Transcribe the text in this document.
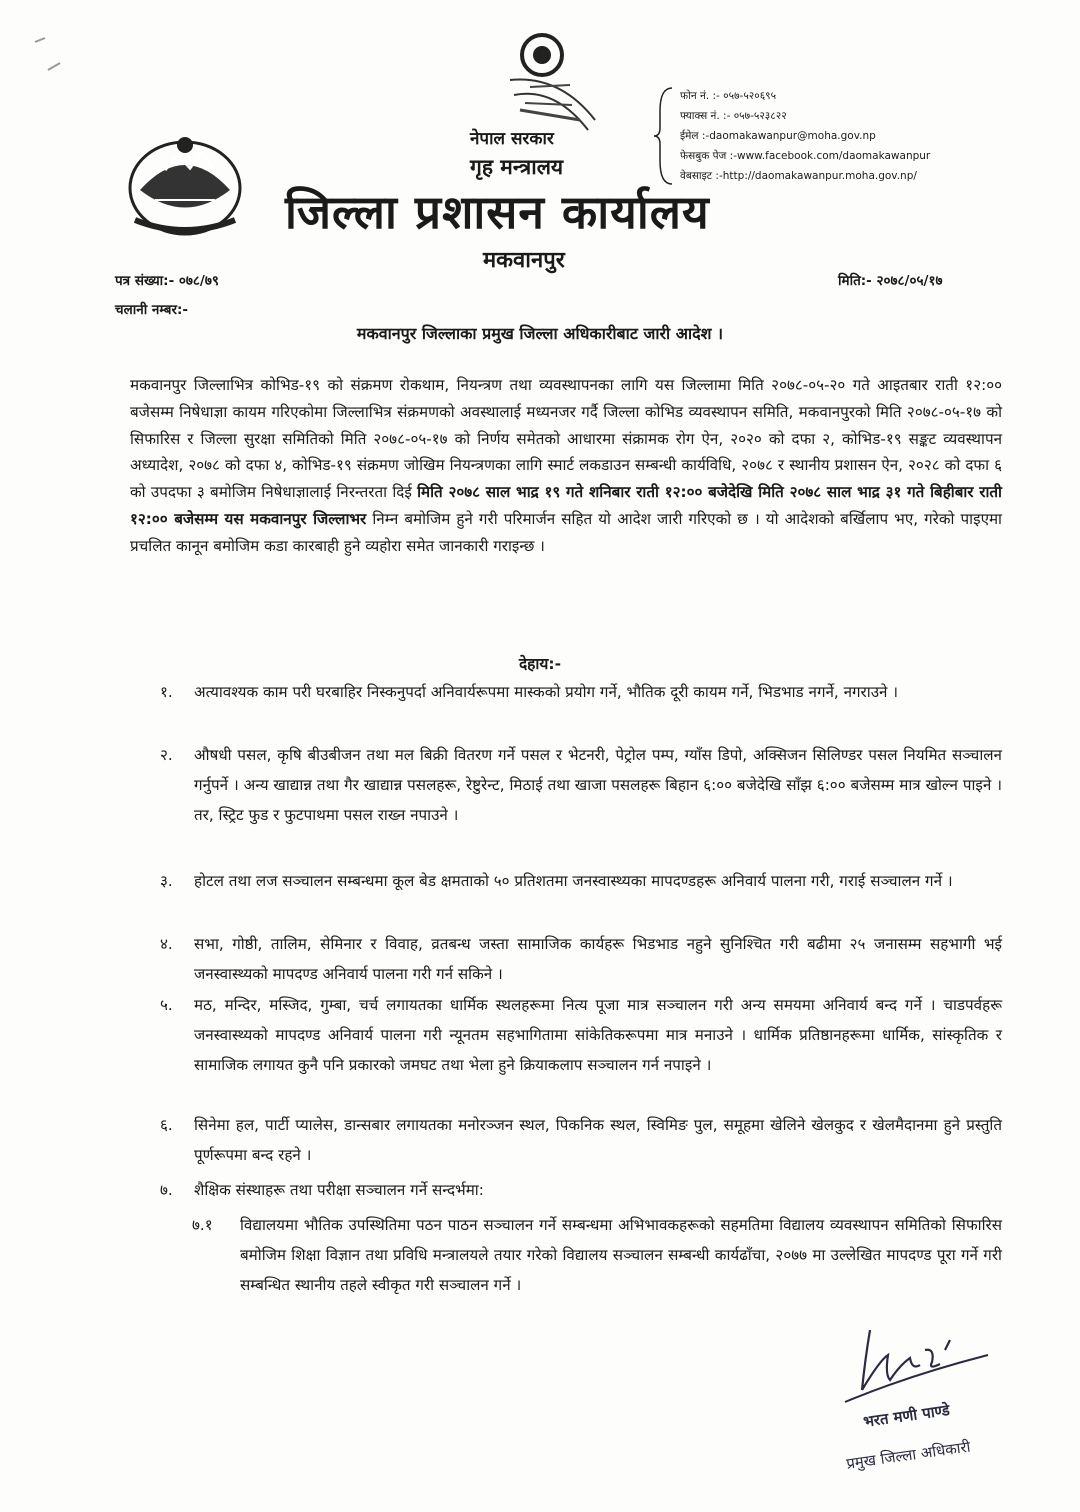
नेपाल सरकार
गृह मन्त्रालय
जिल्ला प्रशासन कार्यालय
मकवानपुर
फोन नं. :- ०५७-५२०६९५
फ्याक्स नं. :- ०५७-५२३८२२
ईमेल :-daomakawanpur@moha.gov.np
फेसबुक पेज :-www.facebook.com/daomakawanpur
वेबसाइट :-http://daomakawanpur.moha.gov.np/
पत्र संख्या:- ०७८/७९	मिति:- २०७८/०५/१७
चलानी नम्बर:-
मकवानपुर जिल्लाका प्रमुख जिल्ला अधिकारीबाट जारी आदेश ।
मकवानपुर जिल्लाभित्र कोभिड-१९ को संक्रमण रोकथाम, नियन्त्रण तथा व्यवस्थापनका लागि यस जिल्लामा मिति २०७८-०५-२० गते आइतबार राती १२:०० बजेसम्म निषेधाज्ञा कायम गरिएकोमा जिल्लाभित्र संक्रमणको अवस्थालाई मध्यनजर गर्दै जिल्ला कोभिड व्यवस्थापन समिति, मकवानपुरको मिति २०७८-०५-१७ को सिफारिस र जिल्ला सुरक्षा समितिको मिति २०७८-०५-१७ को निर्णय समेतको आधारमा संक्रामक रोग ऐन, २०२० को दफा २, कोभिड-१९ सङ्कट व्यवस्थापन अध्यादेश, २०७८ को दफा ४, कोभिड-१९ संक्रमण जोखिम नियन्त्रणका लागि स्मार्ट लकडाउन सम्बन्धी कार्यविधि, २०७८ र स्थानीय प्रशासन ऐन, २०२८ को दफा ६ को उपदफा ३ बमोजिम निषेधाज्ञालाई निरन्तरता दिई मिति २०७८ साल भाद्र १९ गते शनिबार राती १२:०० बजेदेखि मिति २०७८ साल भाद्र ३१ गते बिहीबार राती १२:०० बजेसम्म यस मकवानपुर जिल्लाभर निम्न बमोजिम हुने गरी परिमार्जन सहित यो आदेश जारी गरिएको छ । यो आदेशको बर्खिलाप भए, गरेको पाइएमा प्रचलित कानून बमोजिम कडा कारबाही हुने व्यहोरा समेत जानकारी गराइन्छ ।
देहाय:-
१.	अत्यावश्यक काम परी घरबाहिर निस्कनुपर्दा अनिवार्यरूपमा मास्कको प्रयोग गर्ने, भौतिक दूरी कायम गर्ने, भिडभाड नगर्ने, नगराउने ।
२.	औषधी पसल, कृषि बीउबीजन तथा मल बिक्री वितरण गर्ने पसल र भेटनरी, पेट्रोल पम्प, ग्याँस डिपो, अक्सिजन सिलिण्डर पसल नियमित सञ्चालन गर्नुपर्ने । अन्य खाद्यान्न तथा गैर खाद्यान्न पसलहरू, रेष्टुरेन्ट, मिठाई तथा खाजा पसलहरू बिहान ६:०० बजेदेखि साँझ ६:०० बजेसम्म मात्र खोल्न पाइने । तर, स्ट्रिट फुड र फुटपाथमा पसल राख्न नपाउने ।
३.	होटल तथा लज सञ्चालन सम्बन्धमा कूल बेड क्षमताको ५० प्रतिशतमा जनस्वास्थ्यका मापदण्डहरू अनिवार्य पालना गरी, गराई सञ्चालन गर्ने ।
४.	सभा, गोष्ठी, तालिम, सेमिनार र विवाह, व्रतबन्ध जस्ता सामाजिक कार्यहरू भिडभाड नहुने सुनिश्चित गरी बढीमा २५ जनासम्म सहभागी भई जनस्वास्थ्यको मापदण्ड अनिवार्य पालना गरी गर्न सकिने ।
५.	मठ, मन्दिर, मस्जिद, गुम्बा, चर्च लगायतका धार्मिक स्थलहरूमा नित्य पूजा मात्र सञ्चालन गरी अन्य समयमा अनिवार्य बन्द गर्ने । चाडपर्वहरू जनस्वास्थ्यको मापदण्ड अनिवार्य पालना गरी न्यूनतम सहभागितामा सांकेतिकरूपमा मात्र मनाउने । धार्मिक प्रतिष्ठानहरूमा धार्मिक, सांस्कृतिक र सामाजिक लगायत कुनै पनि प्रकारको जमघट तथा भेला हुने क्रियाकलाप सञ्चालन गर्न नपाइने ।
६.	सिनेमा हल, पार्टी प्यालेस, डान्सबार लगायतका मनोरञ्जन स्थल, पिकनिक स्थल, स्विमिङ पुल, समूहमा खेलिने खेलकुद र खेलमैदानमा हुने प्रस्तुति पूर्णरूपमा बन्द रहने ।
७.	शैक्षिक संस्थाहरू तथा परीक्षा सञ्चालन गर्ने सन्दर्भमा:
७.१	विद्यालयमा भौतिक उपस्थितिमा पठन पाठन सञ्चालन गर्ने सम्बन्धमा अभिभावकहरूको सहमतिमा विद्यालय व्यवस्थापन समितिको सिफारिस बमोजिम शिक्षा विज्ञान तथा प्रविधि मन्त्रालयले तयार गरेको विद्यालय सञ्चालन सम्बन्धी कार्यढाँचा, २०७७ मा उल्लेखित मापदण्ड पूरा गर्ने गरी सम्बन्धित स्थानीय तहले स्वीकृत गरी सञ्चालन गर्ने ।
भरत मणी पाण्डे
प्रमुख जिल्ला अधिकारी
